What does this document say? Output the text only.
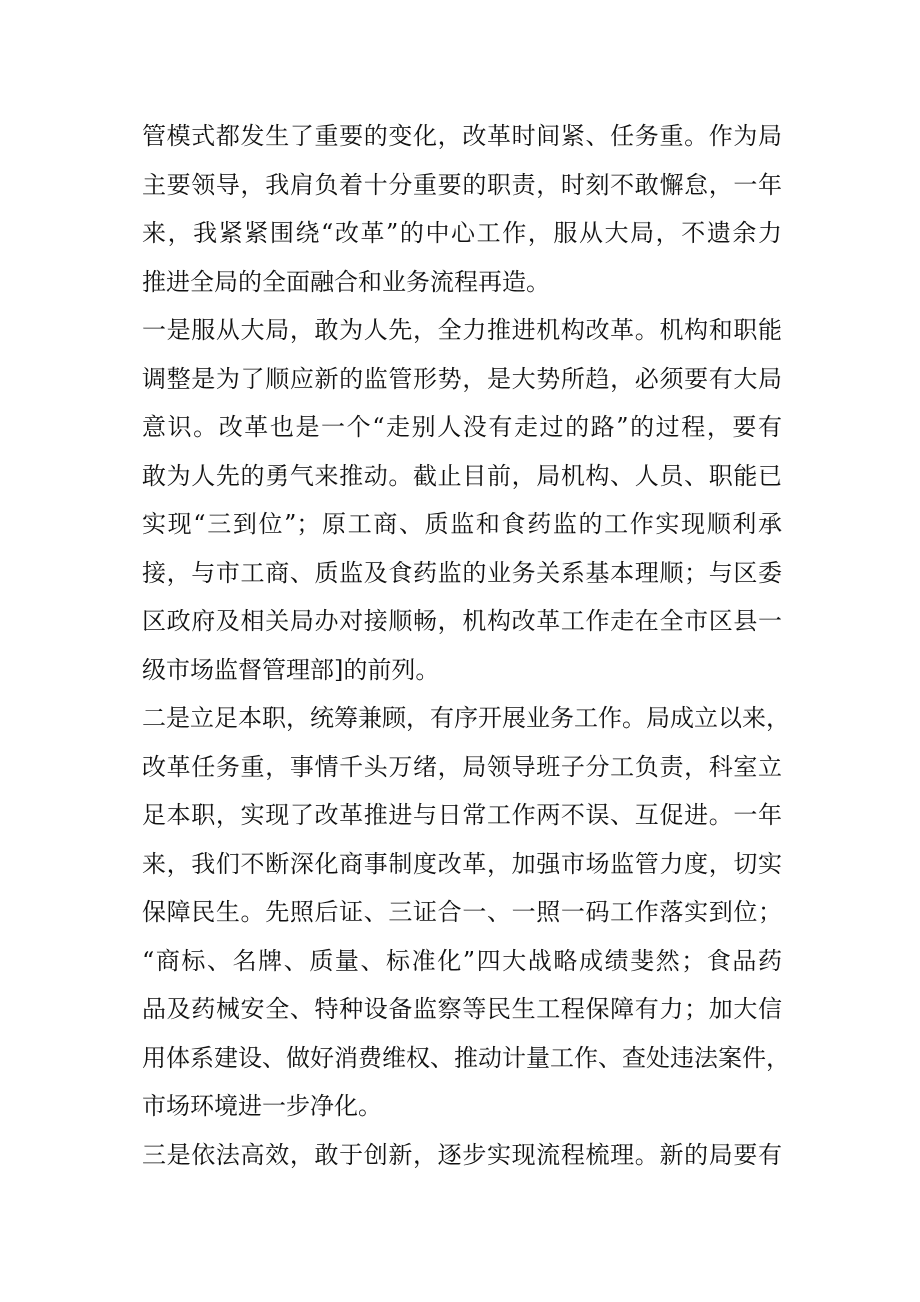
管模式都发生了重要的变化，改革时间紧、任务重。作为局
主要领导，我肩负着十分重要的职责，时刻不敢懈怠，一年
来，我紧紧围绕“改革”的中心工作，服从大局，不遗余力
推进全局的全面融合和业务流程再造。
一是服从大局，敢为人先，全力推进机构改革。机构和职能
调整是为了顺应新的监管形势，是大势所趋，必须要有大局
意识。改革也是一个“走别人没有走过的路”的过程，要有
敢为人先的勇气来推动。截止目前，局机构、人员、职能已
实现“三到位”；原工商、质监和食药监的工作实现顺利承
接，与市工商、质监及食药监的业务关系基本理顺；与区委
区政府及相关局办对接顺畅，机构改革工作走在全市区县一
级市场监督管理部]的前列。
二是立足本职，统筹兼顾，有序开展业务工作。局成立以来，
改革任务重，事情千头万绪，局领导班子分工负责，科室立
足本职，实现了改革推进与日常工作两不误、互促进。一年
来，我们不断深化商事制度改革，加强市场监管力度，切实
保障民生。先照后证、三证合一、一照一码工作落实到位；
“商标、名牌、质量、标准化”四大战略成绩斐然；食品药
品及药械安全、特种设备监察等民生工程保障有力；加大信
用体系建设、做好消费维权、推动计量工作、查处违法案件，
市场环境进一步净化。
三是依法高效，敢于创新，逐步实现流程梳理。新的局要有
